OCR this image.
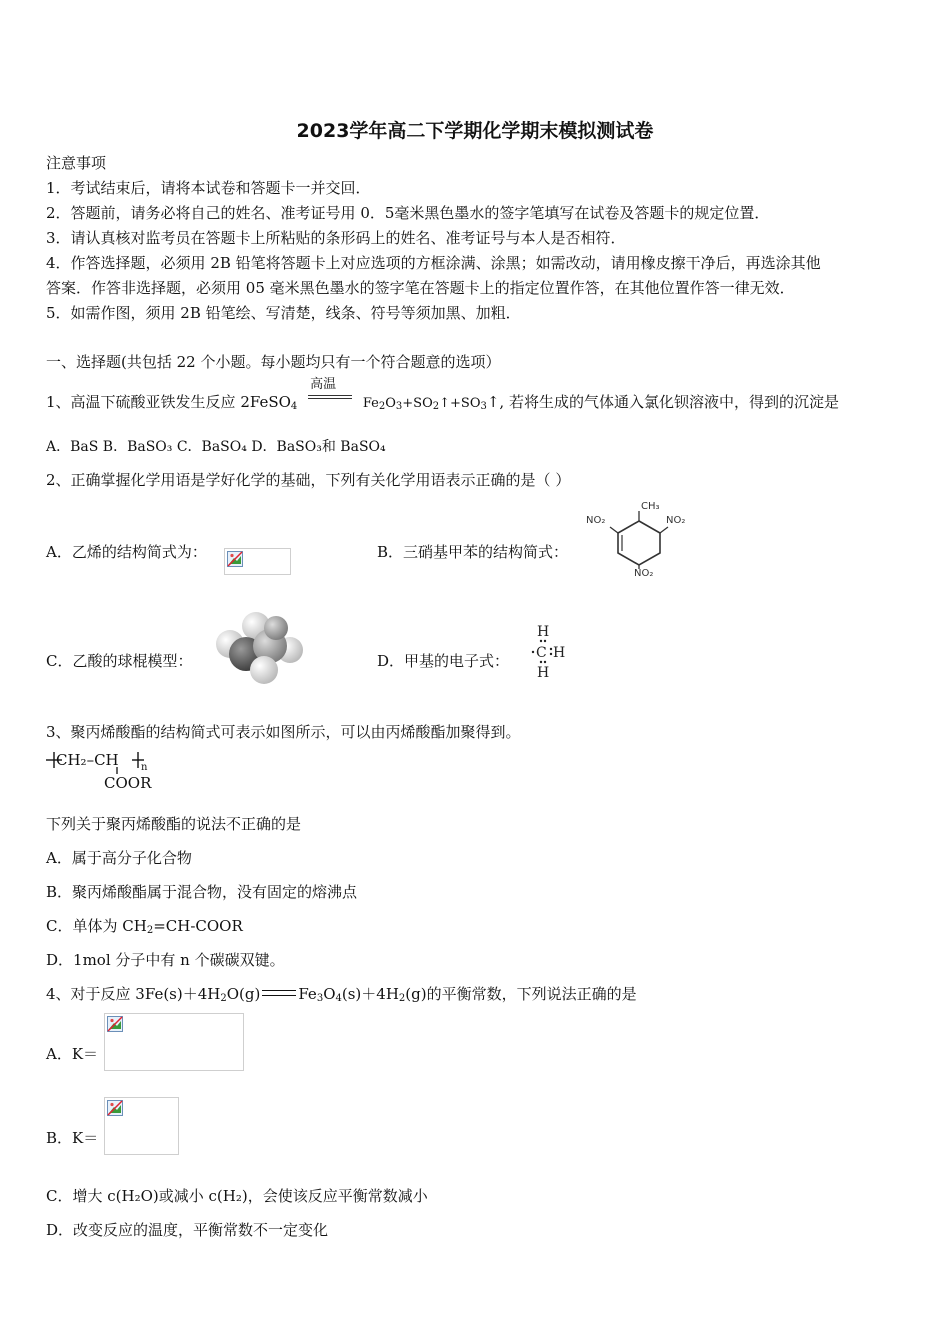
2023学年高二下学期化学期末模拟测试卷
注意事项
1．考试结束后，请将本试卷和答题卡一并交回．
2．答题前，请务必将自己的姓名、准考证号用 0．5毫米黑色墨水的签字笔填写在试卷及答题卡的规定位置．
3．请认真核对监考员在答题卡上所粘贴的条形码上的姓名、准考证号与本人是否相符．
4．作答选择题，必须用 2B 铅笔将答题卡上对应选项的方框涂满、涂黑；如需改动，请用橡皮擦干净后，再选涂其他
答案．作答非选择题，必须用 05 毫米黑色墨水的签字笔在答题卡上的指定位置作答，在其他位置作答一律无效．
5．如需作图，须用 2B 铅笔绘、写清楚，线条、符号等须加黑、加粗．
一、选择题(共包括 22 个小题。每小题均只有一个符合题意的选项）
1、高温下硫酸亚铁发生反应 2FeSO$_4$
高温
$Fe_2O_3+SO_2↑+SO_3↑$, 若将生成的气体通入氯化钡溶液中，得到的沉淀是
A．BaS B．BaSO₃ C．BaSO₄ D．BaSO₃和 BaSO₄
2、正确掌握化学用语是学好化学的基础，下列有关化学用语表示正确的是（ ）
A．乙烯的结构简式为：	B．三硝基甲苯的结构简式：
CH₃
NO₂	NO₂
NO₂
C．乙酸的球棍模型：	D．甲基的电子式：
H
C H
H
3、聚丙烯酸酯的结构简式可表示如图所示，可以由丙烯酸酯加聚得到。
CH₂–CH n
COOR
下列关于聚丙烯酸酯的说法不正确的是
A．属于高分子化合物
B．聚丙烯酸酯属于混合物，没有固定的熔沸点
C．单体为 $CH_2=CH$-COOR
D．1mol 分子中有 n 个碳碳双键。
4、对于反应 $3Fe(s)+4H_2O(g)$	$Fe_3O_4(s)+4H_2(g)$的平衡常数，下列说法正确的是
A．K＝
B．K＝
C．增大 c(H₂O)或减小 c(H₂)，会使该反应平衡常数减小
D．改变反应的温度，平衡常数不一定变化
